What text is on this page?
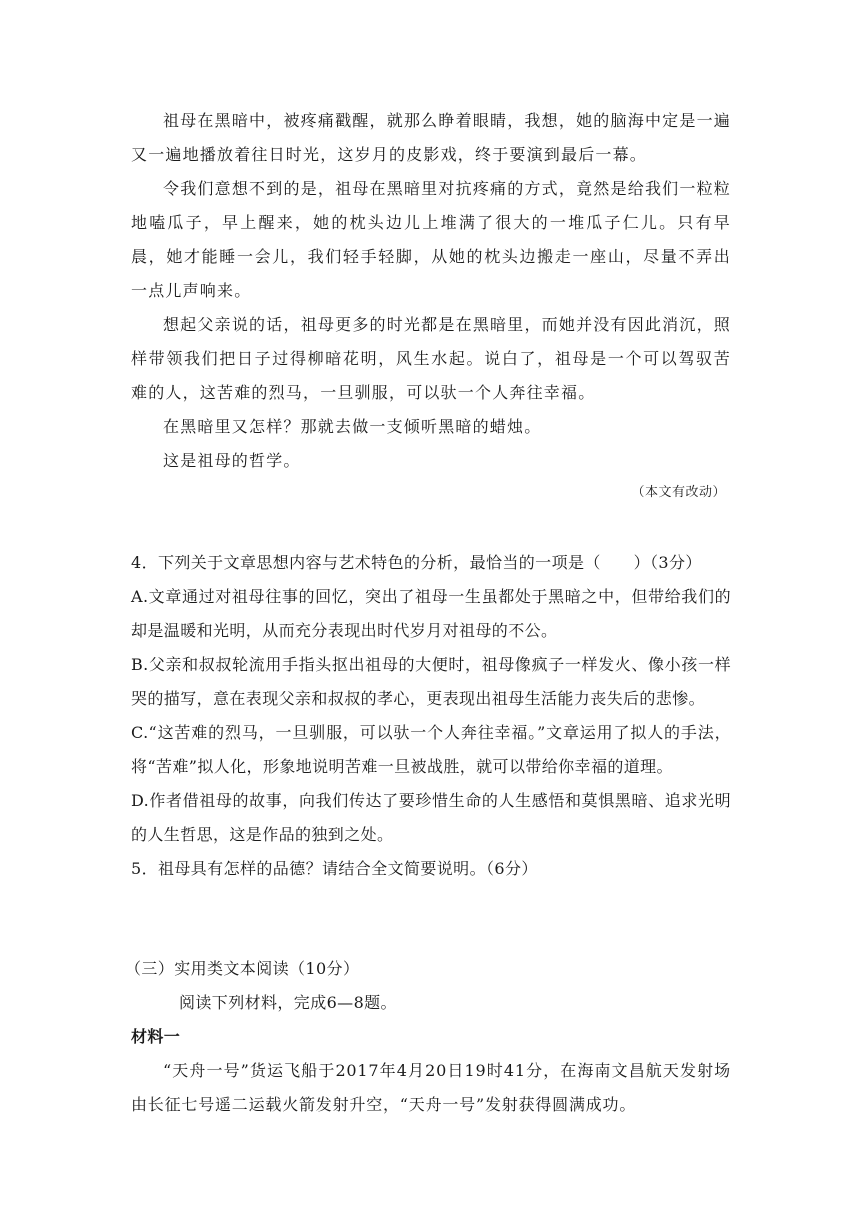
祖母在黑暗中，被疼痛戳醒，就那么睁着眼睛，我想，她的脑海中定是一遍又一遍地播放着往日时光，这岁月的皮影戏，终于要演到最后一幕。

令我们意想不到的是，祖母在黑暗里对抗疼痛的方式，竟然是给我们一粒粒地嗑瓜子，早上醒来，她的枕头边儿上堆满了很大的一堆瓜子仁儿。只有早晨，她才能睡一会儿，我们轻手轻脚，从她的枕头边搬走一座山，尽量不弄出一点儿声响来。

想起父亲说的话，祖母更多的时光都是在黑暗里，而她并没有因此消沉，照样带领我们把日子过得柳暗花明，风生水起。说白了，祖母是一个可以驾驭苦难的人，这苦难的烈马，一旦驯服，可以驮一个人奔往幸福。

在黑暗里又怎样？那就去做一支倾听黑暗的蜡烛。

这是祖母的哲学。

（本文有改动）

4．下列关于文章思想内容与艺术特色的分析，最恰当的一项是（　　）（3分）

A.文章通过对祖母往事的回忆，突出了祖母一生虽都处于黑暗之中，但带给我们的却是温暖和光明，从而充分表现出时代岁月对祖母的不公。

B.父亲和叔叔轮流用手指头抠出祖母的大便时，祖母像疯子一样发火、像小孩一样哭的描写，意在表现父亲和叔叔的孝心，更表现出祖母生活能力丧失后的悲惨。

C.“这苦难的烈马，一旦驯服，可以驮一个人奔往幸福。”文章运用了拟人的手法，将“苦难”拟人化，形象地说明苦难一旦被战胜，就可以带给你幸福的道理。

D.作者借祖母的故事，向我们传达了要珍惜生命的人生感悟和莫惧黑暗、追求光明的人生哲思，这是作品的独到之处。

5．祖母具有怎样的品德？请结合全文简要说明。（6分）

（三）实用类文本阅读（10分）

阅读下列材料，完成6—8题。

材料一

“天舟一号”货运飞船于2017年4月20日19时41分，在海南文昌航天发射场由长征七号遥二运载火箭发射升空，“天舟一号”发射获得圆满成功。
